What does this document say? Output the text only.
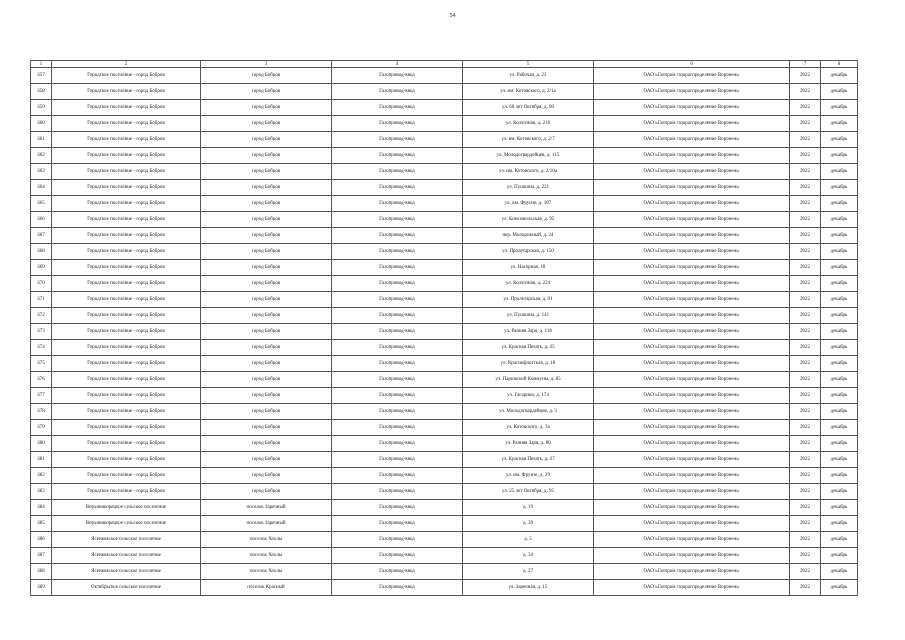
54
1	2	3	4	5	6	7	8
457	Городское поселение - город Бобров	город Бобров	Газопровод-ввод	ул. Рабочая, д. 23	ОАО «Газпром газораспределение Воронеж»	2022	декабрь
458	Городское поселение - город Бобров	город Бобров	Газопровод-ввод	ул. им. Котовского, д. 2/1а	ОАО «Газпром газораспределение Воронеж»	2022	декабрь
459	Городское поселение - город Бобров	город Бобров	Газопровод-ввод	ул. 60 лет Октября, д. 90	ОАО «Газпром газораспределение Воронеж»	2022	декабрь
460	Городское поселение - город Бобров	город Бобров	Газопровод-ввод	ул. Колхозная, д. 216	ОАО «Газпром газораспределение Воронеж»	2022	декабрь
461	Городское поселение - город Бобров	город Бобров	Газопровод-ввод	ул. им. Котовского, д. 2/7	ОАО «Газпром газораспределение Воронеж»	2022	декабрь
462	Городское поселение - город Бобров	город Бобров	Газопровод-ввод	ул. Молодогвардейцев, д. 115	ОАО «Газпром газораспределение Воронеж»	2022	декабрь
463	Городское поселение - город Бобров	город Бобров	Газопровод-ввод	ул. им. Котовского, д. 2/10а	ОАО «Газпром газораспределение Воронеж»	2022	декабрь
464	Городское поселение - город Бобров	город Бобров	Газопровод-ввод	ул. Пушкина, д. 221	ОАО «Газпром газораспределение Воронеж»	2022	декабрь
465	Городское поселение - город Бобров	город Бобров	Газопровод-ввод	ул. им. Фрунзе, д. 187	ОАО «Газпром газораспределение Воронеж»	2022	декабрь
466	Городское поселение - город Бобров	город Бобров	Газопровод-ввод	ул. Комсомольская, д. 95	ОАО «Газпром газораспределение Воронеж»	2022	декабрь
467	Городское поселение - город Бобров	город Бобров	Газопровод-ввод	пер. Молодежный, д. 24	ОАО «Газпром газораспределение Воронеж»	2022	декабрь
468	Городское поселение - город Бобров	город Бобров	Газопровод-ввод	ул. Пролетарская, д. 150	ОАО «Газпром газораспределение Воронеж»	2022	декабрь
469	Городское поселение - город Бобров	город Бобров	Газопровод-ввод	ул. Нагорная, 18	ОАО «Газпром газораспределение Воронеж»	2022	декабрь
470	Городское поселение - город Бобров	город Бобров	Газопровод-ввод	ул. Колхозная, д. 224	ОАО «Газпром газораспределение Воронеж»	2022	декабрь
471	Городское поселение - город Бобров	город Бобров	Газопровод-ввод	ул. Пролетарская, д. 91	ОАО «Газпром газораспределение Воронеж»	2022	декабрь
472	Городское поселение - город Бобров	город Бобров	Газопровод-ввод	ул. Пушкина, д. 141	ОАО «Газпром газораспределение Воронеж»	2022	декабрь
473	Городское поселение - город Бобров	город Бобров	Газопровод-ввод	ул. Ранняя Заря, д. 118	ОАО «Газпром газораспределение Воронеж»	2022	декабрь
474	Городское поселение - город Бобров	город Бобров	Газопровод-ввод	ул. Красная Печать, д. 35	ОАО «Газпром газораспределение Воронеж»	2022	декабрь
475	Городское поселение - город Бобров	город Бобров	Газопровод-ввод	ул. Краснофлотская, д. 18	ОАО «Газпром газораспределение Воронеж»	2022	декабрь
476	Городское поселение - город Бобров	город Бобров	Газопровод-ввод	ул. Парижской Коммуны, д. 85	ОАО «Газпром газораспределение Воронеж»	2022	декабрь
477	Городское поселение - город Бобров	город Бобров	Газопровод-ввод	ул. Гагарина, д. 174	ОАО «Газпром газораспределение Воронеж»	2022	декабрь
478	Городское поселение - город Бобров	город Бобров	Газопровод-ввод	ул. Молодогвардейцев, д. 3	ОАО «Газпром газораспределение Воронеж»	2022	декабрь
479	Городское поселение - город Бобров	город Бобров	Газопровод-ввод	ул. Котовского, д. 3а	ОАО «Газпром газораспределение Воронеж»	2022	декабрь
480	Городское поселение - город Бобров	город Бобров	Газопровод-ввод	ул. Ранняя Заря, д. 80	ОАО «Газпром газораспределение Воронеж»	2022	декабрь
481	Городское поселение - город Бобров	город Бобров	Газопровод-ввод	ул. Красная Печать, д. 37	ОАО «Газпром газораспределение Воронеж»	2022	декабрь
482	Городское поселение - город Бобров	город Бобров	Газопровод-ввод	ул. им. Фрунзе, д. 29	ОАО «Газпром газораспределение Воронеж»	2022	декабрь
483	Городское поселение - город Бобров	город Бобров	Газопровод-ввод	ул. 25 лет Октября, д. 95	ОАО «Газпром газораспределение Воронеж»	2022	декабрь
484	Верхнеикорецкое сельское поселение	поселок Заречный	Газопровод-ввод	д. 19	ОАО «Газпром газораспределение Воронеж»	2022	декабрь
485	Верхнеикорецкое сельское поселение	поселок Заречный	Газопровод-ввод	д. 39	ОАО «Газпром газораспределение Воронеж»	2022	декабрь
486	Ясенковское сельское поселение	поселок Хохлы	Газопровод-ввод	д. 5	ОАО «Газпром газораспределение Воронеж»	2022	декабрь
487	Ясенковское сельское поселение	поселок Хохлы	Газопровод-ввод	д. 34	ОАО «Газпром газораспределение Воронеж»	2022	декабрь
488	Ясенковское сельское поселение	поселок Хохлы	Газопровод-ввод	д. 27	ОАО «Газпром газораспределение Воронеж»	2022	декабрь
489	Октябрьское сельское поселение	поселок Красный	Газопровод-ввод	ул. Заречная, д. 15	ОАО «Газпром газораспределение Воронеж»	2022	декабрь
